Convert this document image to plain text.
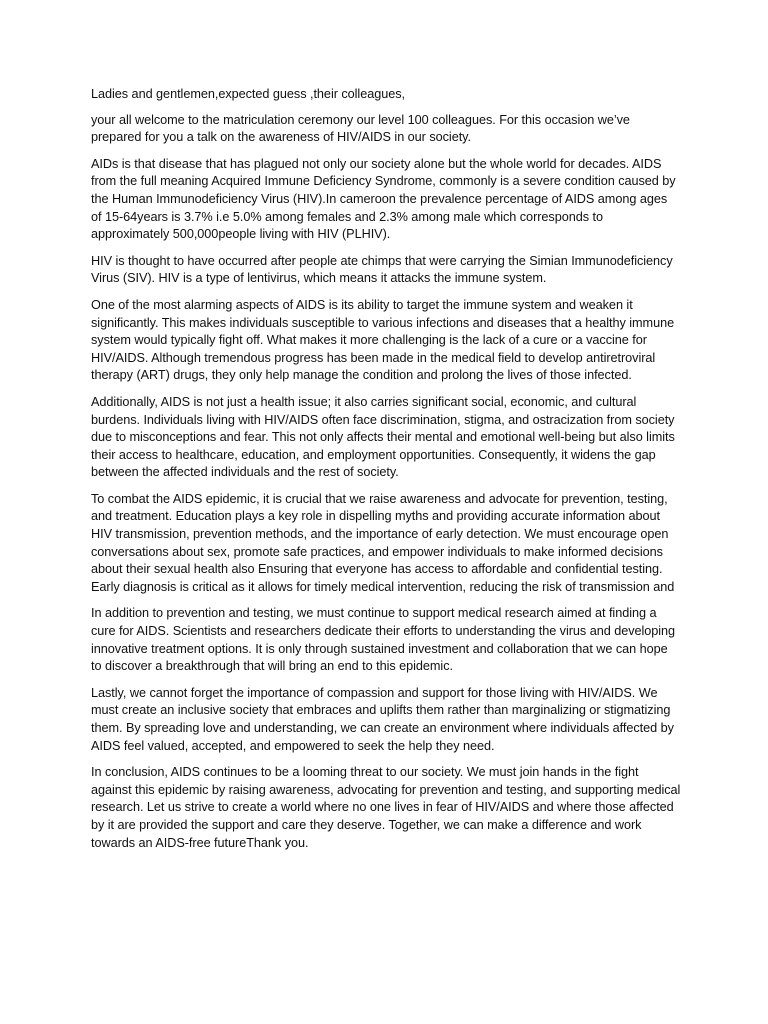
Ladies and gentlemen,expected guess ,their colleagues,

your all welcome to the matriculation ceremony our level 100 colleagues. For this occasion we’ve prepared for you a talk on the awareness of HIV/AIDS in our society.

AIDs is that disease that has plagued not only our society alone but the whole world for decades. AIDS from the full meaning Acquired Immune Deficiency Syndrome, commonly is a severe condition caused by the Human Immunodeficiency Virus (HIV).In cameroon the prevalence percentage of AIDS among ages of 15-64years is 3.7% i.e 5.0% among females and 2.3% among male which corresponds to approximately 500,000people living with HIV (PLHIV).

HIV is thought to have occurred after people ate chimps that were carrying the Simian Immunodeficiency Virus (SIV). HIV is a type of lentivirus, which means it attacks the immune system.

One of the most alarming aspects of AIDS is its ability to target the immune system and weaken it significantly. This makes individuals susceptible to various infections and diseases that a healthy immune system would typically fight off. What makes it more challenging is the lack of a cure or a vaccine for HIV/AIDS. Although tremendous progress has been made in the medical field to develop antiretroviral therapy (ART) drugs, they only help manage the condition and prolong the lives of those infected.

Additionally, AIDS is not just a health issue; it also carries significant social, economic, and cultural burdens. Individuals living with HIV/AIDS often face discrimination, stigma, and ostracization from society due to misconceptions and fear. This not only affects their mental and emotional well-being but also limits their access to healthcare, education, and employment opportunities. Consequently, it widens the gap between the affected individuals and the rest of society.

To combat the AIDS epidemic, it is crucial that we raise awareness and advocate for prevention, testing, and treatment. Education plays a key role in dispelling myths and providing accurate information about HIV transmission, prevention methods, and the importance of early detection. We must encourage open conversations about sex, promote safe practices, and empower individuals to make informed decisions about their sexual health also Ensuring that everyone has access to affordable and confidential testing. Early diagnosis is critical as it allows for timely medical intervention, reducing the risk of transmission and

In addition to prevention and testing, we must continue to support medical research aimed at finding a cure for AIDS. Scientists and researchers dedicate their efforts to understanding the virus and developing innovative treatment options. It is only through sustained investment and collaboration that we can hope to discover a breakthrough that will bring an end to this epidemic.

Lastly, we cannot forget the importance of compassion and support for those living with HIV/AIDS. We must create an inclusive society that embraces and uplifts them rather than marginalizing or stigmatizing them. By spreading love and understanding, we can create an environment where individuals affected by AIDS feel valued, accepted, and empowered to seek the help they need.

In conclusion, AIDS continues to be a looming threat to our society. We must join hands in the fight against this epidemic by raising awareness, advocating for prevention and testing, and supporting medical research. Let us strive to create a world where no one lives in fear of HIV/AIDS and where those affected by it are provided the support and care they deserve. Together, we can make a difference and work towards an AIDS-free futureThank you.
